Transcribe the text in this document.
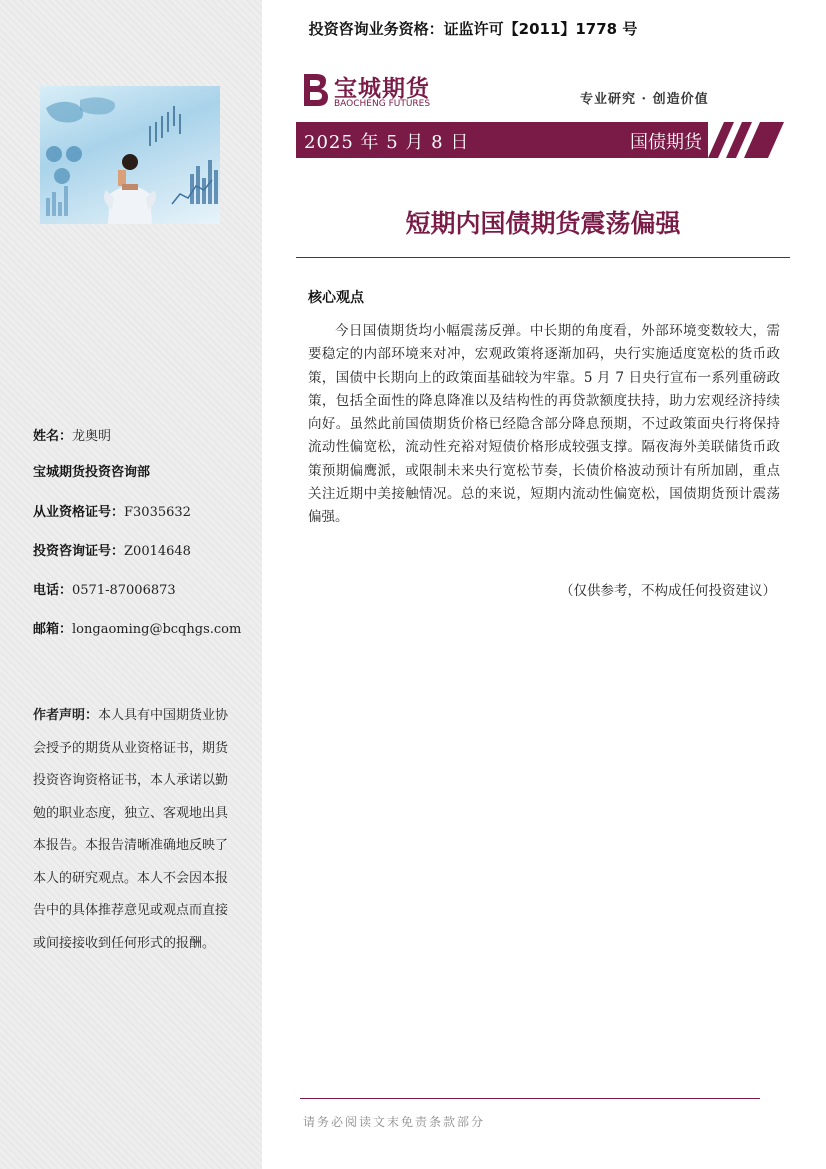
姓名：龙奥明
宝城期货投资咨询部
从业资格证号：F3035632
投资咨询证号：Z0014648
电话：0571-87006873
邮箱：longaoming@bcqhgs.com
作者声明：本人具有中国期货业协会授予的期货从业资格证书，期货投资咨询资格证书，本人承诺以勤勉的职业态度，独立、客观地出具本报告。本报告清晰准确地反映了本人的研究观点。本人不会因本报告中的具体推荐意见或观点而直接或间接接收到任何形式的报酬。
投资咨询业务资格：证监许可【2011】1778 号
宝城期货
BAOCHENG FUTURES	专业研究 · 创造价值
2025 年 5 月 8 日	国债期货
短期内国债期货震荡偏强
核心观点
今日国债期货均小幅震荡反弹。中长期的角度看，外部环境变数较大，需要稳定的内部环境来对冲，宏观政策将逐渐加码，央行实施适度宽松的货币政策，国债中长期向上的政策面基础较为牢靠。5 月 7 日央行宣布一系列重磅政策，包括全面性的降息降准以及结构性的再贷款额度扶持，助力宏观经济持续向好。虽然此前国债期货价格已经隐含部分降息预期，不过政策面央行将保持流动性偏宽松，流动性充裕对短债价格形成较强支撑。隔夜海外美联储货币政策预期偏鹰派，或限制未来央行宽松节奏，长债价格波动预计有所加剧，重点关注近期中美接触情况。总的来说，短期内流动性偏宽松，国债期货预计震荡偏强。
（仅供参考，不构成任何投资建议）
请务必阅读文末免责条款部分
